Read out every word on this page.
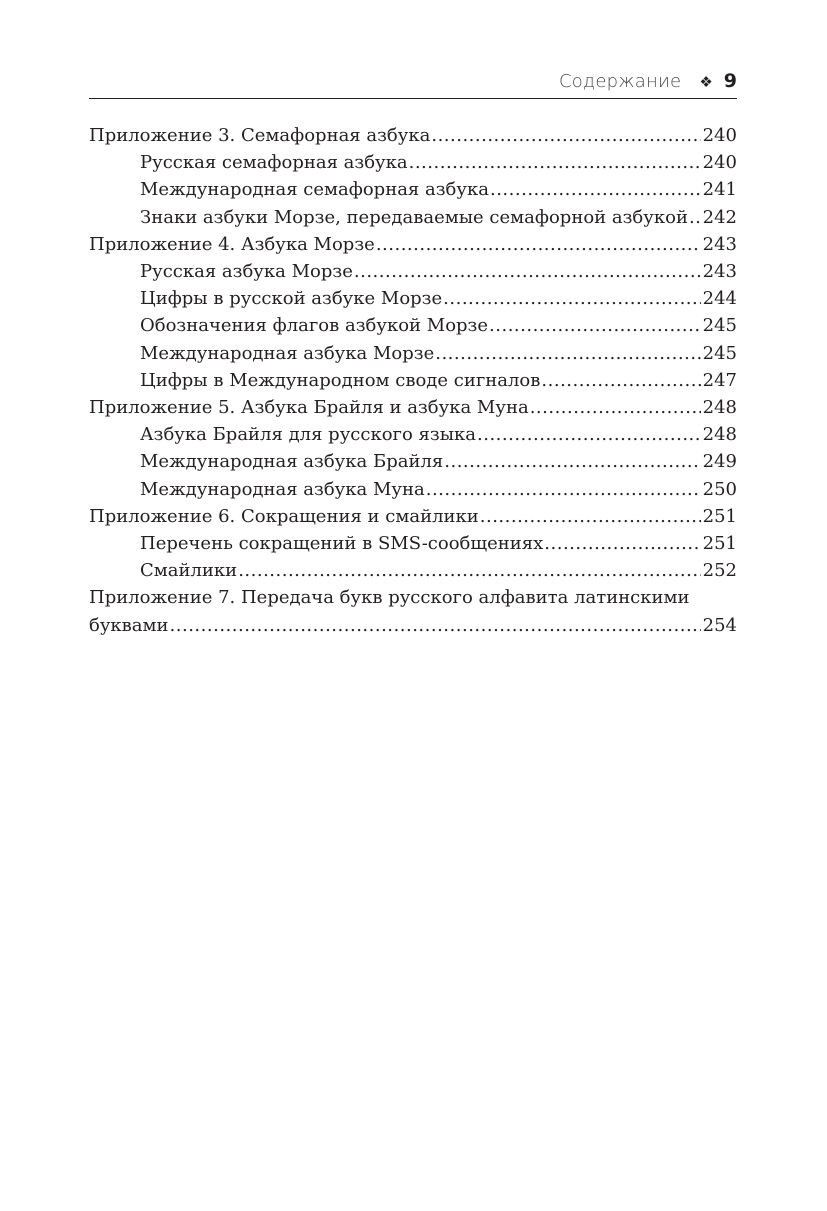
Содержание ❖ 9
Приложение 3. Семафорная азбука .....	240
Русская семафорная азбука .....	240
Международная семафорная азбука .....	241
Знаки азбуки Морзе, передаваемые семафорной азбукой ..... 242
Приложение 4. Азбука Морзе .....	243
Русская азбука Морзе .....	243
Цифры в русской азбуке Морзе .....	244
Обозначения флагов азбукой Морзе .....	245
Международная азбука Морзе .....	245
Цифры в Международном своде сигналов .....	247
Приложение 5. Азбука Брайля и азбука Муна .....	248
Азбука Брайля для русского языка .....	248
Международная азбука Брайля .....	249
Международная азбука Муна .....	250
Приложение 6. Сокращения и смайлики .....	251
Перечень сокращений в SMS-сообщениях .....	251
Смайлики .....	252
Приложение 7. Передача букв русского алфавита латинскими
буквами .....	254
